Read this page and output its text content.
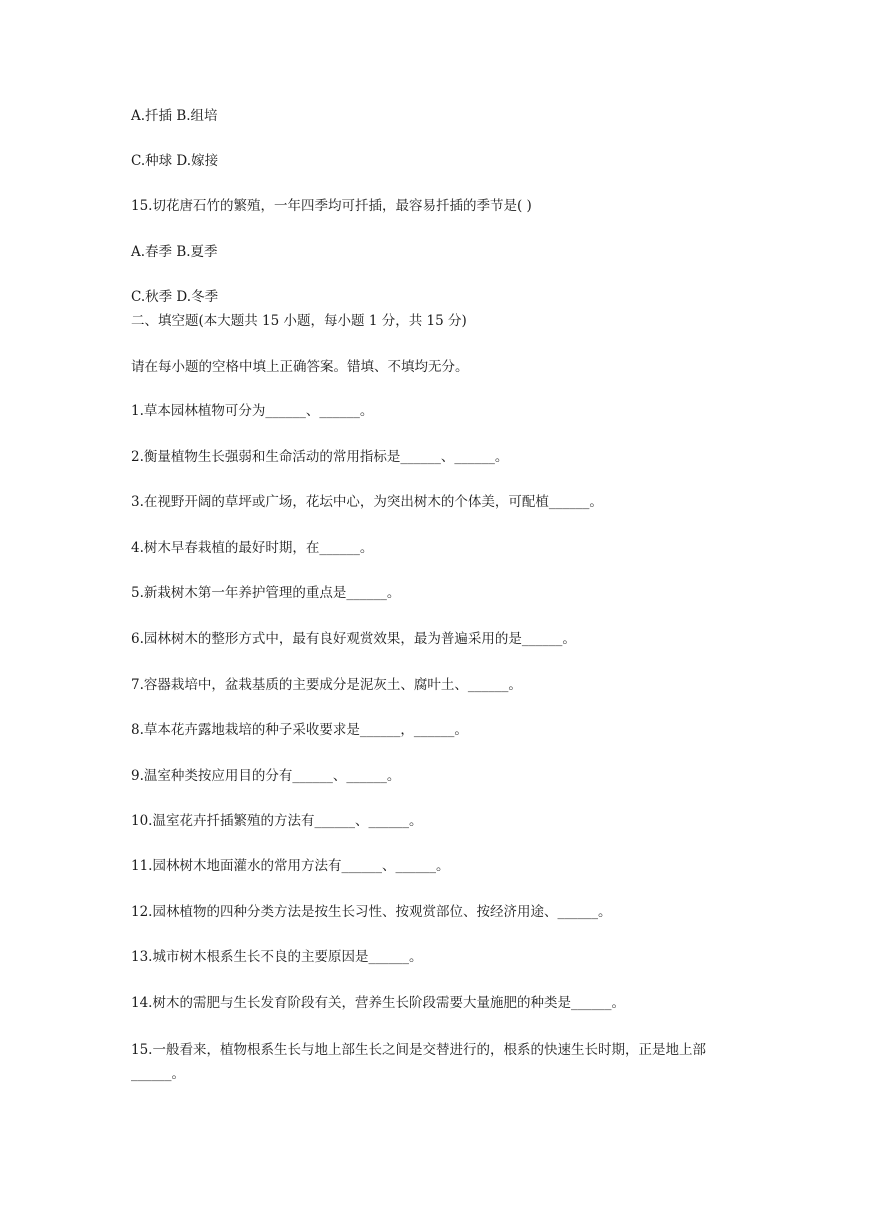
A.扦插 B.组培
C.种球 D.嫁接
15.切花唐石竹的繁殖，一年四季均可扦插，最容易扦插的季节是( )
A.春季 B.夏季
C.秋季 D.冬季
二、填空题(本大题共 15 小题，每小题 1 分，共 15 分)
请在每小题的空格中填上正确答案。错填、不填均无分。
1.草本园林植物可分为______、______。
2.衡量植物生长强弱和生命活动的常用指标是______、______。
3.在视野开阔的草坪或广场，花坛中心，为突出树木的个体美，可配植______。
4.树木早春栽植的最好时期，在______。
5.新栽树木第一年养护管理的重点是______。
6.园林树木的整形方式中，最有良好观赏效果，最为普遍采用的是______。
7.容器栽培中，盆栽基质的主要成分是泥灰土、腐叶土、______。
8.草本花卉露地栽培的种子采收要求是______，______。
9.温室种类按应用目的分有______、______。
10.温室花卉扦插繁殖的方法有______、______。
11.园林树木地面灌水的常用方法有______、______。
12.园林植物的四种分类方法是按生长习性、按观赏部位、按经济用途、______。
13.城市树木根系生长不良的主要原因是______。
14.树木的需肥与生长发育阶段有关，营养生长阶段需要大量施肥的种类是______。
15.一般看来，植物根系生长与地上部生长之间是交替进行的，根系的快速生长时期，正是地上部______。
